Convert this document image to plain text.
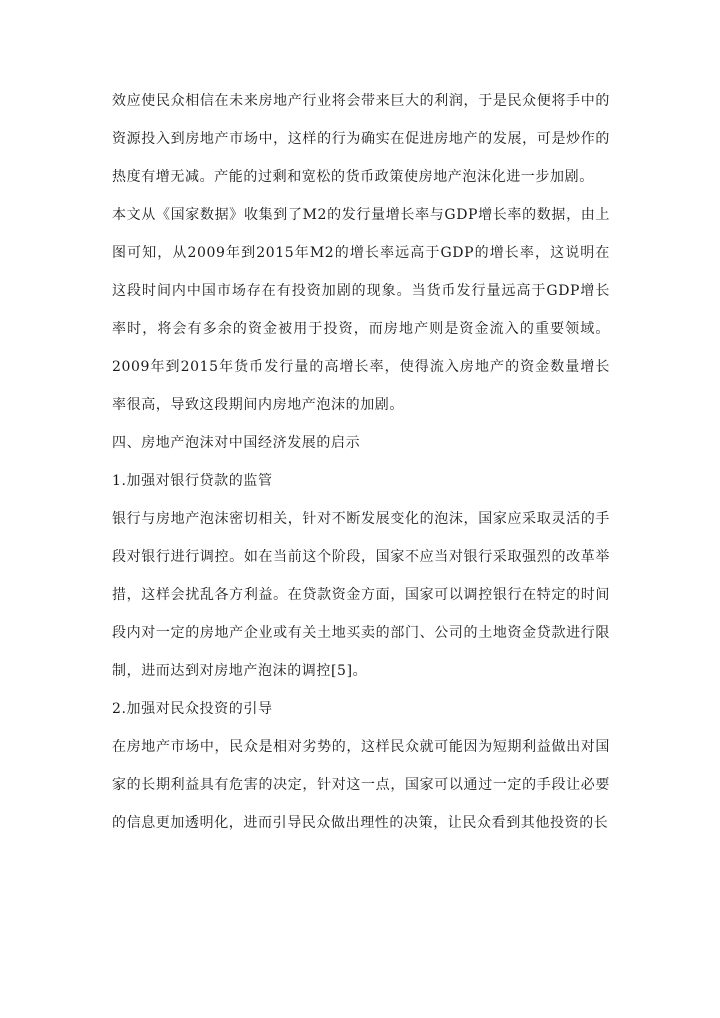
效应使民众相信在未来房地产行业将会带来巨大的利润，于是民众便将手中的资源投入到房地产市场中，这样的行为确实在促进房地产的发展，可是炒作的热度有增无减。产能的过剩和宽松的货币政策使房地产泡沫化进一步加剧。

本文从《国家数据》收集到了M2的发行量增长率与GDP增长率的数据，由上图可知，从2009年到2015年M2的增长率远高于GDP的增长率，这说明在这段时间内中国市场存在有投资加剧的现象。当货币发行量远高于GDP增长率时，将会有多余的资金被用于投资，而房地产则是资金流入的重要领域。2009年到2015年货币发行量的高增长率，使得流入房地产的资金数量增长率很高，导致这段期间内房地产泡沫的加剧。

四、房地产泡沫对中国经济发展的启示

1.加强对银行贷款的监管

银行与房地产泡沫密切相关，针对不断发展变化的泡沫，国家应采取灵活的手段对银行进行调控。如在当前这个阶段，国家不应当对银行采取强烈的改革举措，这样会扰乱各方利益。在贷款资金方面，国家可以调控银行在特定的时间段内对一定的房地产企业或有关土地买卖的部门、公司的土地资金贷款进行限制，进而达到对房地产泡沫的调控[5]。

2.加强对民众投资的引导

在房地产市场中，民众是相对劣势的，这样民众就可能因为短期利益做出对国家的长期利益具有危害的决定，针对这一点，国家可以通过一定的手段让必要的信息更加透明化，进而引导民众做出理性的决策，让民众看到其他投资的长
